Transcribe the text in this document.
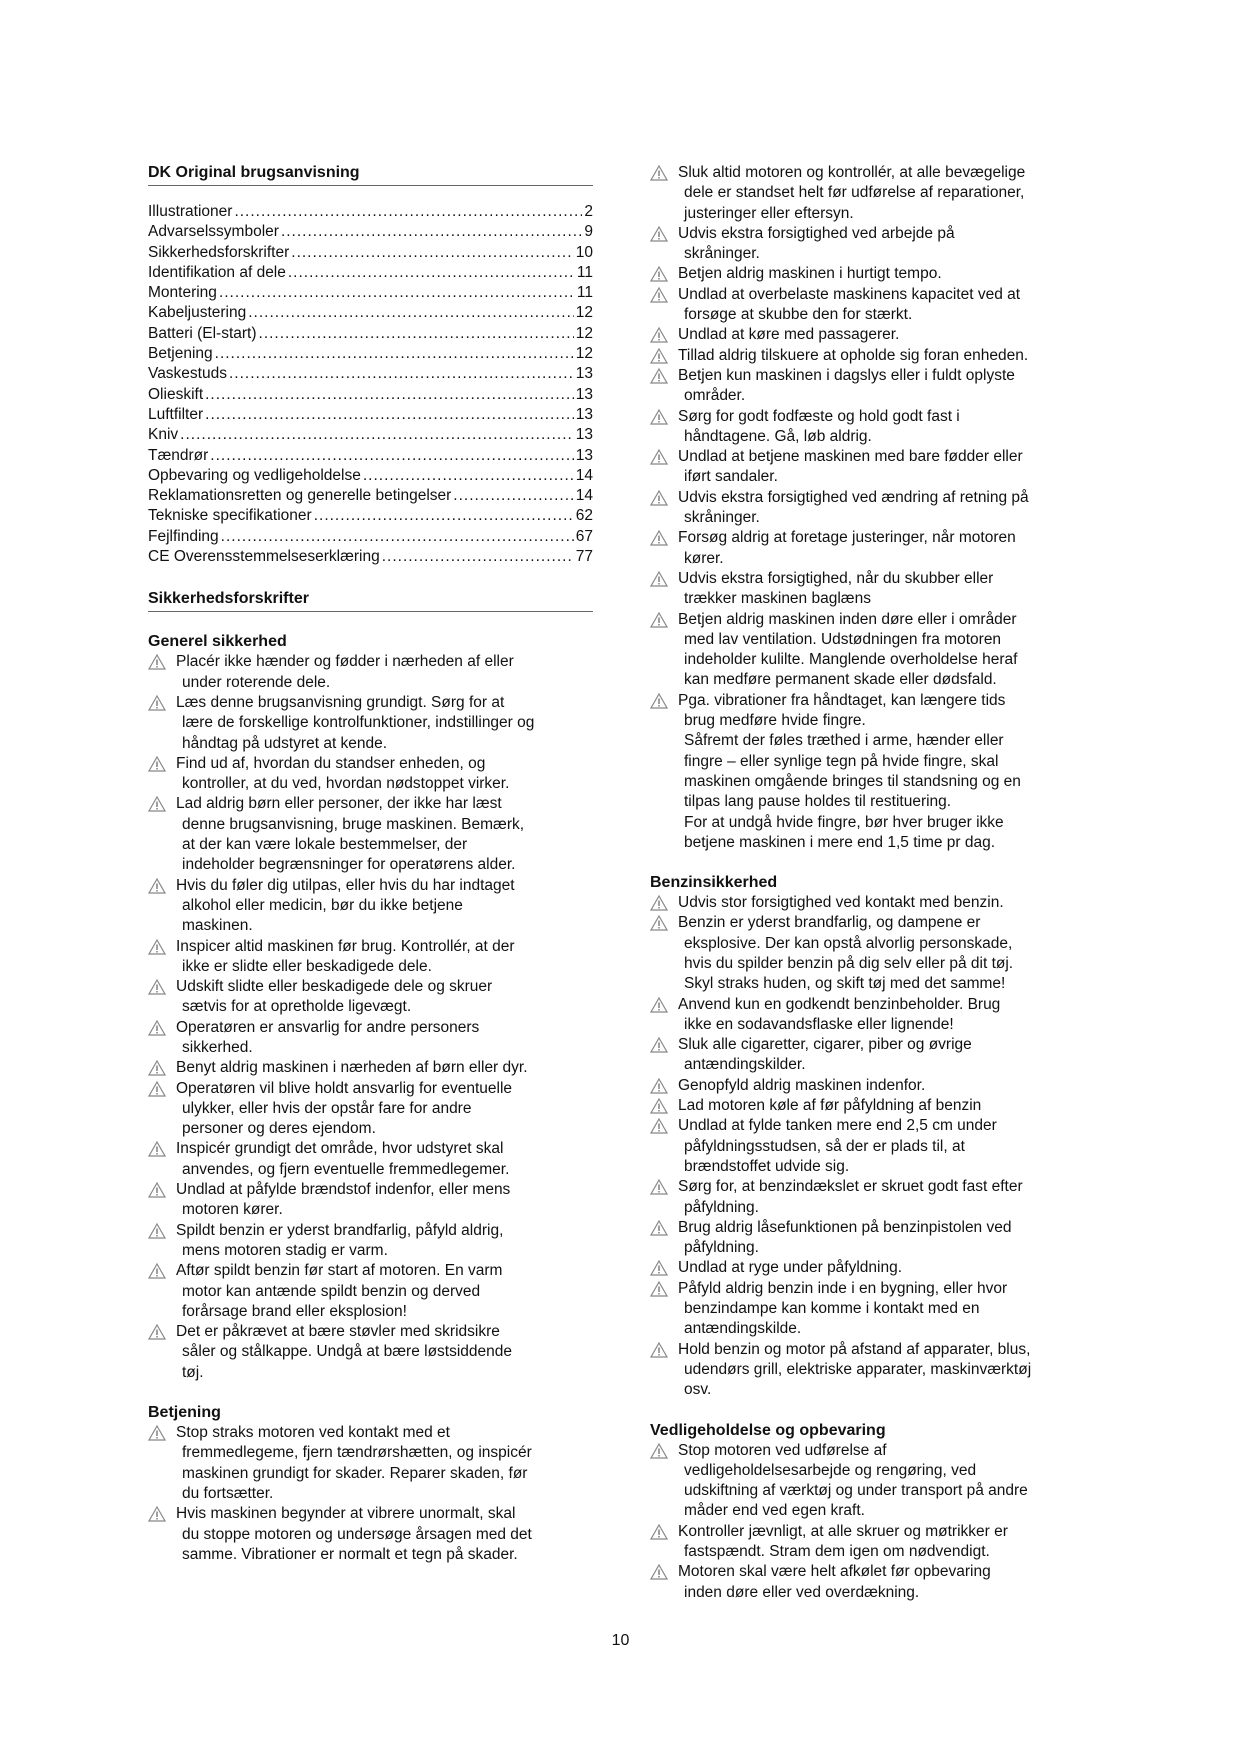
DK Original brugsanvisning
Illustrationer .....	2
Advarselssymboler .....	9
Sikkerhedsforskrifter .....	10
Identifikation af dele .....	11
Montering .....	11
Kabeljustering .....	12
Batteri (El-start) .....	12
Betjening .....	12
Vaskestuds .....	13
Olieskift .....	13
Luftfilter .....	13
Kniv .....	13
Tændrør .....	13
Opbevaring og vedligeholdelse .....	14
Reklamationsretten og generelle betingelser .....	14
Tekniske specifikationer .....	62
Fejlfinding .....	67
CE Overensstemmelseserklæring .....	77
Sikkerhedsforskrifter
Generel sikkerhed
Placér ikke hænder og fødder i nærheden af eller
under roterende dele.
Læs denne brugsanvisning grundigt. Sørg for at
lære de forskellige kontrolfunktioner, indstillinger og
håndtag på udstyret at kende.
Find ud af, hvordan du standser enheden, og
kontroller, at du ved, hvordan nødstoppet virker.
Lad aldrig børn eller personer, der ikke har læst
denne brugsanvisning, bruge maskinen. Bemærk,
at der kan være lokale bestemmelser, der
indeholder begrænsninger for operatørens alder.
Hvis du føler dig utilpas, eller hvis du har indtaget
alkohol eller medicin, bør du ikke betjene
maskinen.
Inspicer altid maskinen før brug. Kontrollér, at der
ikke er slidte eller beskadigede dele.
Udskift slidte eller beskadigede dele og skruer
sætvis for at opretholde ligevægt.
Operatøren er ansvarlig for andre personers
sikkerhed.
Benyt aldrig maskinen i nærheden af børn eller dyr.
Operatøren vil blive holdt ansvarlig for eventuelle
ulykker, eller hvis der opstår fare for andre
personer og deres ejendom.
Inspicér grundigt det område, hvor udstyret skal
anvendes, og fjern eventuelle fremmedlegemer.
Undlad at påfylde brændstof indenfor, eller mens
motoren kører.
Spildt benzin er yderst brandfarlig, påfyld aldrig,
mens motoren stadig er varm.
Aftør spildt benzin før start af motoren. En varm
motor kan antænde spildt benzin og derved
forårsage brand eller eksplosion!
Det er påkrævet at bære støvler med skridsikre
såler og stålkappe. Undgå at bære løstsiddende
tøj.
Betjening
Stop straks motoren ved kontakt med et
fremmedlegeme, fjern tændrørshætten, og inspicér
maskinen grundigt for skader. Reparer skaden, før
du fortsætter.
Hvis maskinen begynder at vibrere unormalt, skal
du stoppe motoren og undersøge årsagen med det
samme. Vibrationer er normalt et tegn på skader.
Sluk altid motoren og kontrollér, at alle bevægelige
dele er standset helt før udførelse af reparationer,
justeringer eller eftersyn.
Udvis ekstra forsigtighed ved arbejde på
skråninger.
Betjen aldrig maskinen i hurtigt tempo.
Undlad at overbelaste maskinens kapacitet ved at
forsøge at skubbe den for stærkt.
Undlad at køre med passagerer.
Tillad aldrig tilskuere at opholde sig foran enheden.
Betjen kun maskinen i dagslys eller i fuldt oplyste
områder.
Sørg for godt fodfæste og hold godt fast i
håndtagene. Gå, løb aldrig.
Undlad at betjene maskinen med bare fødder eller
iført sandaler.
Udvis ekstra forsigtighed ved ændring af retning på
skråninger.
Forsøg aldrig at foretage justeringer, når motoren
kører.
Udvis ekstra forsigtighed, når du skubber eller
trækker maskinen baglæns
Betjen aldrig maskinen inden døre eller i områder
med lav ventilation. Udstødningen fra motoren
indeholder kulilte. Manglende overholdelse heraf
kan medføre permanent skade eller dødsfald.
Pga. vibrationer fra håndtaget, kan længere tids
brug medføre hvide fingre.
Såfremt der føles træthed i arme, hænder eller
fingre – eller synlige tegn på hvide fingre, skal
maskinen omgående bringes til standsning og en
tilpas lang pause holdes til restituering.
For at undgå hvide fingre, bør hver bruger ikke
betjene maskinen i mere end 1,5 time pr dag.
Benzinsikkerhed
Udvis stor forsigtighed ved kontakt med benzin.
Benzin er yderst brandfarlig, og dampene er
eksplosive. Der kan opstå alvorlig personskade,
hvis du spilder benzin på dig selv eller på dit tøj.
Skyl straks huden, og skift tøj med det samme!
Anvend kun en godkendt benzinbeholder. Brug
ikke en sodavandsflaske eller lignende!
Sluk alle cigaretter, cigarer, piber og øvrige
antændingskilder.
Genopfyld aldrig maskinen indenfor.
Lad motoren køle af før påfyldning af benzin
Undlad at fylde tanken mere end 2,5 cm under
påfyldningsstudsen, så der er plads til, at
brændstoffet udvide sig.
Sørg for, at benzindækslet er skruet godt fast efter
påfyldning.
Brug aldrig låsefunktionen på benzinpistolen ved
påfyldning.
Undlad at ryge under påfyldning.
Påfyld aldrig benzin inde i en bygning, eller hvor
benzindampe kan komme i kontakt med en
antændingskilde.
Hold benzin og motor på afstand af apparater, blus,
udendørs grill, elektriske apparater, maskinværktøj
osv.
Vedligeholdelse og opbevaring
Stop motoren ved udførelse af
vedligeholdelsesarbejde og rengøring, ved
udskiftning af værktøj og under transport på andre
måder end ved egen kraft.
Kontroller jævnligt, at alle skruer og møtrikker er
fastspændt. Stram dem igen om nødvendigt.
Motoren skal være helt afkølet før opbevaring
inden døre eller ved overdækning.
10
